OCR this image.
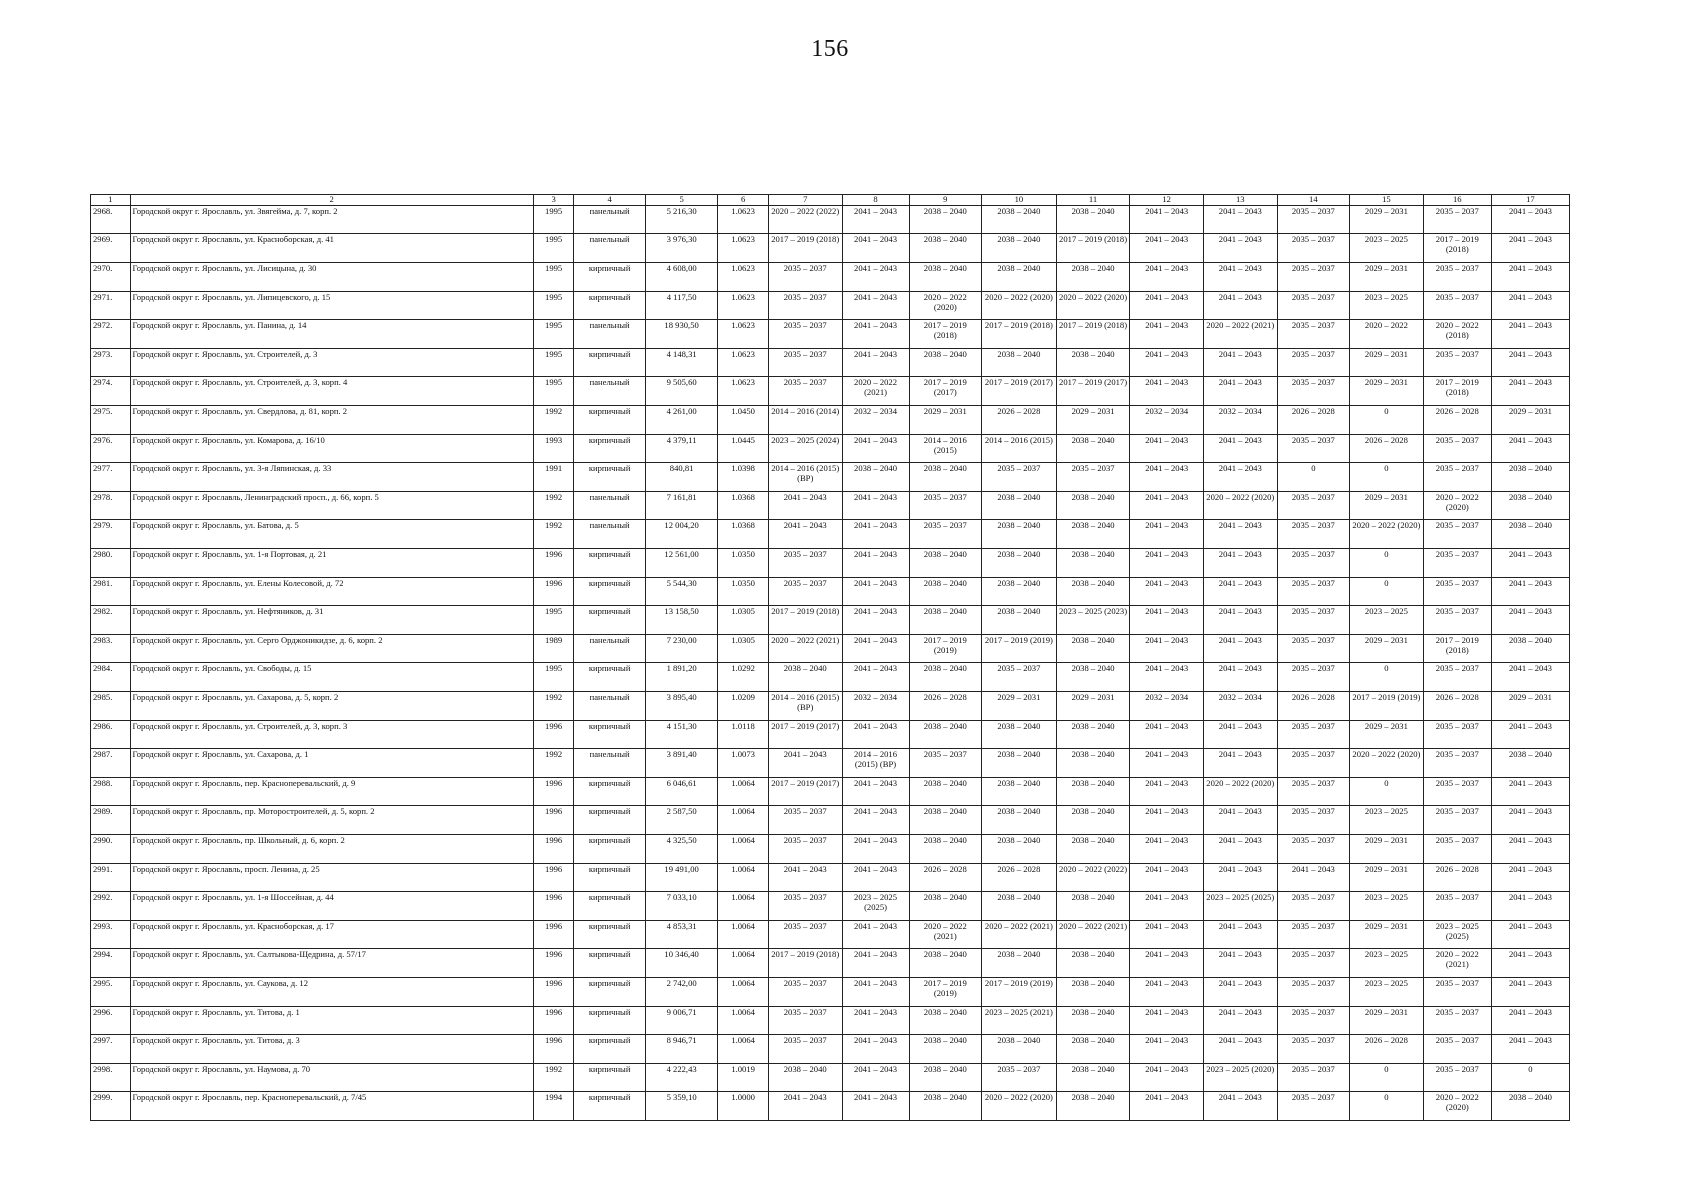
156
1	2	3	4	5	6	7	8	9	10	11	12	13	14	15	16	17
2968.	Городской округ г. Ярославль, ул. Звягейма, д. 7, корп. 2	1995	панельный	5 216,30	1.0623	2020 – 2022 (2022)	2041 – 2043	2038 – 2040	2038 – 2040	2038 – 2040	2041 – 2043	2041 – 2043	2035 – 2037	2029 – 2031	2035 – 2037	2041 – 2043
2969.	Городской округ г. Ярославль, ул. Красноборская, д. 41	1995	панельный	3 976,30	1.0623	2017 – 2019 (2018)	2041 – 2043	2038 – 2040	2038 – 2040	2017 – 2019 (2018)	2041 – 2043	2041 – 2043	2035 – 2037	2023 – 2025	2017 – 2019 (2018)	2041 – 2043
2970.	Городской округ г. Ярославль, ул. Лисицына, д. 30	1995	кирпичный	4 608,00	1.0623	2035 – 2037	2041 – 2043	2038 – 2040	2038 – 2040	2038 – 2040	2041 – 2043	2041 – 2043	2035 – 2037	2029 – 2031	2035 – 2037	2041 – 2043
2971.	Городской округ г. Ярославль, ул. Липицевского, д. 15	1995	кирпичный	4 117,50	1.0623	2035 – 2037	2041 – 2043	2020 – 2022 (2020)	2020 – 2022 (2020)	2020 – 2022 (2020)	2041 – 2043	2041 – 2043	2035 – 2037	2023 – 2025	2035 – 2037	2041 – 2043
2972.	Городской округ г. Ярославль, ул. Панина, д. 14	1995	панельный	18 930,50	1.0623	2035 – 2037	2041 – 2043	2017 – 2019 (2018)	2017 – 2019 (2018)	2017 – 2019 (2018)	2041 – 2043	2020 – 2022 (2021)	2035 – 2037	2020 – 2022	2020 – 2022 (2018)	2041 – 2043
2973.	Городской округ г. Ярославль, ул. Строителей, д. 3	1995	кирпичный	4 148,31	1.0623	2035 – 2037	2041 – 2043	2038 – 2040	2038 – 2040	2038 – 2040	2041 – 2043	2041 – 2043	2035 – 2037	2029 – 2031	2035 – 2037	2041 – 2043
2974.	Городской округ г. Ярославль, ул. Строителей, д. 3, корп. 4	1995	панельный	9 505,60	1.0623	2035 – 2037	2020 – 2022 (2021)	2017 – 2019 (2017)	2017 – 2019 (2017)	2017 – 2019 (2017)	2041 – 2043	2041 – 2043	2035 – 2037	2029 – 2031	2017 – 2019 (2018)	2041 – 2043
2975.	Городской округ г. Ярославль, ул. Свердлова, д. 81, корп. 2	1992	кирпичный	4 261,00	1.0450	2014 – 2016 (2014)	2032 – 2034	2029 – 2031	2026 – 2028	2029 – 2031	2032 – 2034	2032 – 2034	2026 – 2028	0	2026 – 2028	2029 – 2031
2976.	Городской округ г. Ярославль, ул. Комарова, д. 16/10	1993	кирпичный	4 379,11	1.0445	2023 – 2025 (2024)	2041 – 2043	2014 – 2016 (2015)	2014 – 2016 (2015)	2038 – 2040	2041 – 2043	2041 – 2043	2035 – 2037	2026 – 2028	2035 – 2037	2041 – 2043
2977.	Городской округ г. Ярославль, ул. 3-я Ляпинская, д. 33	1991	кирпичный	840,81	1.0398	2014 – 2016 (2015) (ВР)	2038 – 2040	2038 – 2040	2035 – 2037	2035 – 2037	2041 – 2043	2041 – 2043	0	0	2035 – 2037	2038 – 2040
2978.	Городской округ г. Ярославль, Ленинградский просп., д. 66, корп. 5	1992	панельный	7 161,81	1.0368	2041 – 2043	2041 – 2043	2035 – 2037	2038 – 2040	2038 – 2040	2041 – 2043	2020 – 2022 (2020)	2035 – 2037	2029 – 2031	2020 – 2022 (2020)	2038 – 2040
2979.	Городской округ г. Ярославль, ул. Батова, д. 5	1992	панельный	12 004,20	1.0368	2041 – 2043	2041 – 2043	2035 – 2037	2038 – 2040	2038 – 2040	2041 – 2043	2041 – 2043	2035 – 2037	2020 – 2022 (2020)	2035 – 2037	2038 – 2040
2980.	Городской округ г. Ярославль, ул. 1-я Портовая, д. 21	1996	кирпичный	12 561,00	1.0350	2035 – 2037	2041 – 2043	2038 – 2040	2038 – 2040	2038 – 2040	2041 – 2043	2041 – 2043	2035 – 2037	0	2035 – 2037	2041 – 2043
2981.	Городской округ г. Ярославль, ул. Елены Колесовой, д. 72	1996	кирпичный	5 544,30	1.0350	2035 – 2037	2041 – 2043	2038 – 2040	2038 – 2040	2038 – 2040	2041 – 2043	2041 – 2043	2035 – 2037	0	2035 – 2037	2041 – 2043
2982.	Городской округ г. Ярославль, ул. Нефтяников, д. 31	1995	кирпичный	13 158,50	1.0305	2017 – 2019 (2018)	2041 – 2043	2038 – 2040	2038 – 2040	2023 – 2025 (2023)	2041 – 2043	2041 – 2043	2035 – 2037	2023 – 2025	2035 – 2037	2041 – 2043
2983.	Городской округ г. Ярославль, ул. Серго Орджоникидзе, д. 6, корп. 2	1989	панельный	7 230,00	1.0305	2020 – 2022 (2021)	2041 – 2043	2017 – 2019 (2019)	2017 – 2019 (2019)	2038 – 2040	2041 – 2043	2041 – 2043	2035 – 2037	2029 – 2031	2017 – 2019 (2018)	2038 – 2040
2984.	Городской округ г. Ярославль, ул. Свободы, д. 15	1995	кирпичный	1 891,20	1.0292	2038 – 2040	2041 – 2043	2038 – 2040	2035 – 2037	2038 – 2040	2041 – 2043	2041 – 2043	2035 – 2037	0	2035 – 2037	2041 – 2043
2985.	Городской округ г. Ярославль, ул. Сахарова, д. 5, корп. 2	1992	панельный	3 895,40	1.0209	2014 – 2016 (2015) (ВР)	2032 – 2034	2026 – 2028	2029 – 2031	2029 – 2031	2032 – 2034	2032 – 2034	2026 – 2028	2017 – 2019 (2019)	2026 – 2028	2029 – 2031
2986.	Городской округ г. Ярославль, ул. Строителей, д. 3, корп. 3	1996	кирпичный	4 151,30	1.0118	2017 – 2019 (2017)	2041 – 2043	2038 – 2040	2038 – 2040	2038 – 2040	2041 – 2043	2041 – 2043	2035 – 2037	2029 – 2031	2035 – 2037	2041 – 2043
2987.	Городской округ г. Ярославль, ул. Сахарова, д. 1	1992	панельный	3 891,40	1.0073	2041 – 2043	2014 – 2016 (2015) (ВР)	2035 – 2037	2038 – 2040	2038 – 2040	2041 – 2043	2041 – 2043	2035 – 2037	2020 – 2022 (2020)	2035 – 2037	2038 – 2040
2988.	Городской округ г. Ярославль, пер. Красноперевальский, д. 9	1996	кирпичный	6 046,61	1.0064	2017 – 2019 (2017)	2041 – 2043	2038 – 2040	2038 – 2040	2038 – 2040	2041 – 2043	2020 – 2022 (2020)	2035 – 2037	0	2035 – 2037	2041 – 2043
2989.	Городской округ г. Ярославль, пр. Моторостроителей, д. 5, корп. 2	1996	кирпичный	2 587,50	1.0064	2035 – 2037	2041 – 2043	2038 – 2040	2038 – 2040	2038 – 2040	2041 – 2043	2041 – 2043	2035 – 2037	2023 – 2025	2035 – 2037	2041 – 2043
2990.	Городской округ г. Ярославль, пр. Школьный, д. 6, корп. 2	1996	кирпичный	4 325,50	1.0064	2035 – 2037	2041 – 2043	2038 – 2040	2038 – 2040	2038 – 2040	2041 – 2043	2041 – 2043	2035 – 2037	2029 – 2031	2035 – 2037	2041 – 2043
2991.	Городской округ г. Ярославль, просп. Ленина, д. 25	1996	кирпичный	19 491,00	1.0064	2041 – 2043	2041 – 2043	2026 – 2028	2026 – 2028	2020 – 2022 (2022)	2041 – 2043	2041 – 2043	2041 – 2043	2029 – 2031	2026 – 2028	2041 – 2043
2992.	Городской округ г. Ярославль, ул. 1-я Шоссейная, д. 44	1996	кирпичный	7 033,10	1.0064	2035 – 2037	2023 – 2025 (2025)	2038 – 2040	2038 – 2040	2038 – 2040	2041 – 2043	2023 – 2025 (2025)	2035 – 2037	2023 – 2025	2035 – 2037	2041 – 2043
2993.	Городской округ г. Ярославль, ул. Красноборская, д. 17	1996	кирпичный	4 853,31	1.0064	2035 – 2037	2041 – 2043	2020 – 2022 (2021)	2020 – 2022 (2021)	2020 – 2022 (2021)	2041 – 2043	2041 – 2043	2035 – 2037	2029 – 2031	2023 – 2025 (2025)	2041 – 2043
2994.	Городской округ г. Ярославль, ул. Салтыкова-Щедрина, д. 57/17	1996	кирпичный	10 346,40	1.0064	2017 – 2019 (2018)	2041 – 2043	2038 – 2040	2038 – 2040	2038 – 2040	2041 – 2043	2041 – 2043	2035 – 2037	2023 – 2025	2020 – 2022 (2021)	2041 – 2043
2995.	Городской округ г. Ярославль, ул. Саукова, д. 12	1996	кирпичный	2 742,00	1.0064	2035 – 2037	2041 – 2043	2017 – 2019 (2019)	2017 – 2019 (2019)	2038 – 2040	2041 – 2043	2041 – 2043	2035 – 2037	2023 – 2025	2035 – 2037	2041 – 2043
2996.	Городской округ г. Ярославль, ул. Титова, д. 1	1996	кирпичный	9 006,71	1.0064	2035 – 2037	2041 – 2043	2038 – 2040	2023 – 2025 (2021)	2038 – 2040	2041 – 2043	2041 – 2043	2035 – 2037	2029 – 2031	2035 – 2037	2041 – 2043
2997.	Городской округ г. Ярославль, ул. Титова, д. 3	1996	кирпичный	8 946,71	1.0064	2035 – 2037	2041 – 2043	2038 – 2040	2038 – 2040	2038 – 2040	2041 – 2043	2041 – 2043	2035 – 2037	2026 – 2028	2035 – 2037	2041 – 2043
2998.	Городской округ г. Ярославль, ул. Наумова, д. 70	1992	кирпичный	4 222,43	1.0019	2038 – 2040	2041 – 2043	2038 – 2040	2035 – 2037	2038 – 2040	2041 – 2043	2023 – 2025 (2020)	2035 – 2037	0	2035 – 2037	0
2999.	Городской округ г. Ярославль, пер. Красноперевальский, д. 7/45	1994	кирпичный	5 359,10	1.0000	2041 – 2043	2041 – 2043	2038 – 2040	2020 – 2022 (2020)	2038 – 2040	2041 – 2043	2041 – 2043	2035 – 2037	0	2020 – 2022 (2020)	2038 – 2040
